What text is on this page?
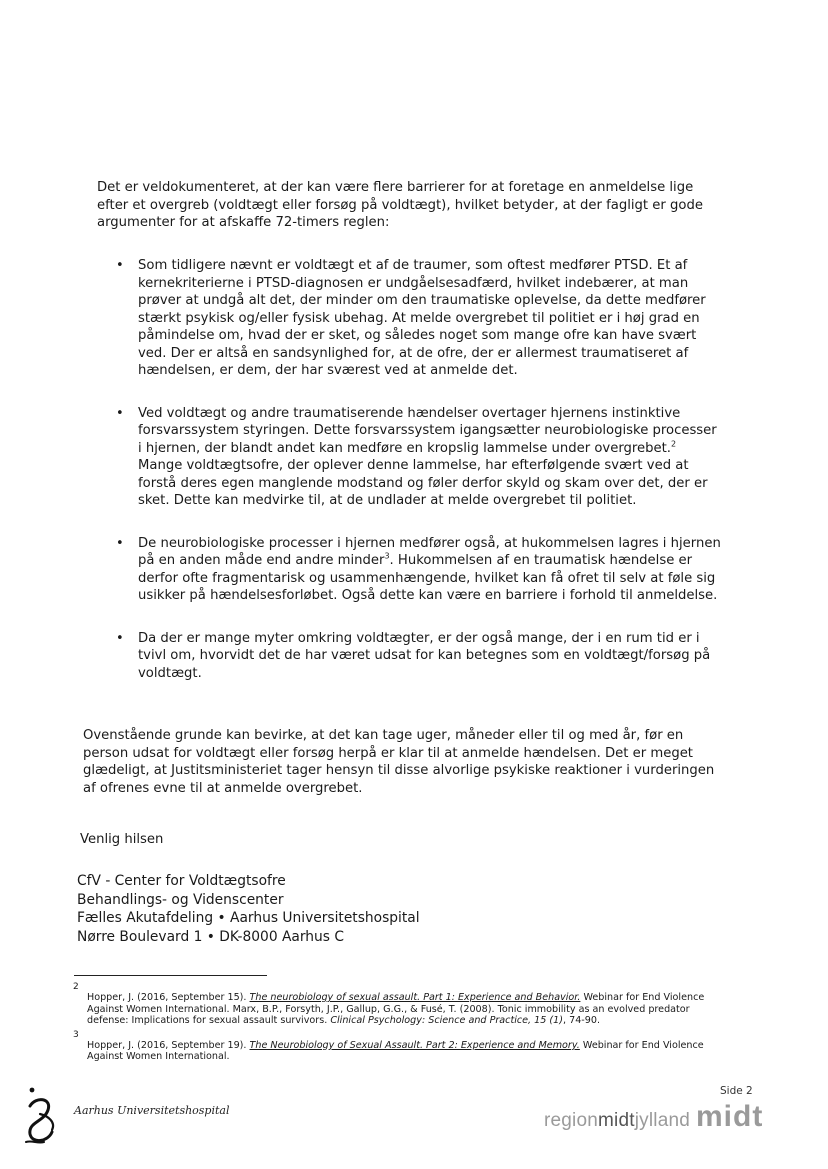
Det er veldokumenteret, at der kan være flere barrierer for at foretage en anmeldelse lige efter et overgreb (voldtægt eller forsøg på voldtægt), hvilket betyder, at der fagligt er gode argumenter for at afskaffe 72-timers reglen:

• Som tidligere nævnt er voldtægt et af de traumer, som oftest medfører PTSD. Et af kernekriterierne i PTSD-diagnosen er undgåelsesadfærd, hvilket indebærer, at man prøver at undgå alt det, der minder om den traumatiske oplevelse, da dette medfører stærkt psykisk og/eller fysisk ubehag. At melde overgrebet til politiet er i høj grad en påmindelse om, hvad der er sket, og således noget som mange ofre kan have svært ved. Der er altså en sandsynlighed for, at de ofre, der er allermest traumatiseret af hændelsen, er dem, der har sværest ved at anmelde det.
• Ved voldtægt og andre traumatiserende hændelser overtager hjernens instinktive forsvarssystem styringen. Dette forsvarssystem igangsætter neurobiologiske processer i hjernen, der blandt andet kan medføre en kropslig lammelse under overgrebet.$^2$ Mange voldtægtsofre, der oplever denne lammelse, har efterfølgende svært ved at forstå deres egen manglende modstand og føler derfor skyld og skam over det, der er sket. Dette kan medvirke til, at de undlader at melde overgrebet til politiet.
• De neurobiologiske processer i hjernen medfører også, at hukommelsen lagres i hjernen på en anden måde end andre minder$^3$. Hukommelsen af en traumatisk hændelse er derfor ofte fragmentarisk og usammenhængende, hvilket kan få ofret til selv at føle sig usikker på hændelsesforløbet. Også dette kan være en barriere i forhold til anmeldelse.
• Da der er mange myter omkring voldtægter, er der også mange, der i en rum tid er i tvivl om, hvorvidt det de har været udsat for kan betegnes som en voldtægt/forsøg på voldtægt.

Ovenstående grunde kan bevirke, at det kan tage uger, måneder eller til og med år, før en person udsat for voldtægt eller forsøg herpå er klar til at anmelde hændelsen. Det er meget glædeligt, at Justitsministeriet tager hensyn til disse alvorlige psykiske reaktioner i vurderingen af ofrenes evne til at anmelde overgrebet.

Venlig hilsen

CfV - Center for Voldtægtsofre
Behandlings- og Videnscenter
Fælles Akutafdeling • Aarhus Universitetshospital
Nørre Boulevard 1 • DK-8000 Aarhus C
2
Hopper, J. (2016, September 15). The neurobiology of sexual assault. Part 1: Experience and Behavior. Webinar for End Violence Against Women International. Marx, B.P., Forsyth, J.P., Gallup, G.G., & Fusé, T. (2008). Tonic immobility as an evolved predator defense: Implications for sexual assault survivors. Clinical Psychology: Science and Practice, 15 (1), 74-90.
3
Hopper, J. (2016, September 19). The Neurobiology of Sexual Assault. Part 2: Experience and Memory. Webinar for End Violence Against Women International.
Side 2
Aarhus Universitetshospital	regionmidtjylland midt
